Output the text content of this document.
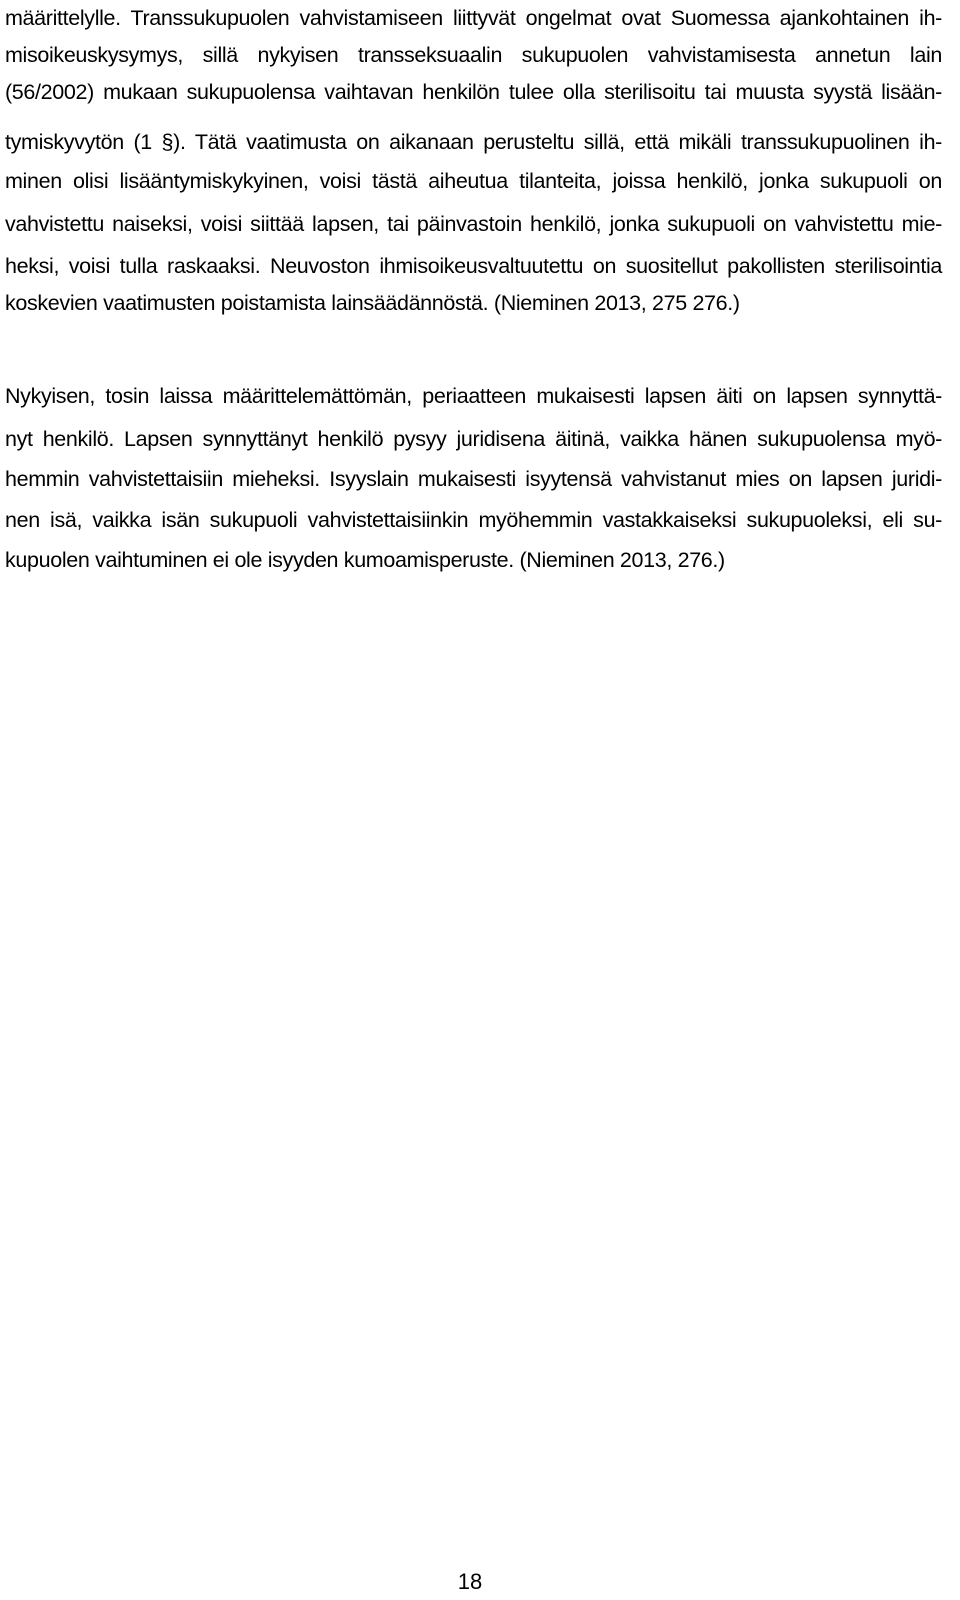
määrittelylle. Transsukupuolen vahvistamiseen liittyvät ongelmat ovat Suomessa ajankohtainen ih-
misoikeuskysymys, sillä nykyisen transseksuaalin sukupuolen vahvistamisesta annetun lain
(56/2002) mukaan sukupuolensa vaihtavan henkilön tulee olla sterilisoitu tai muusta syystä lisään-
tymiskyvytön (1 §). Tätä vaatimusta on aikanaan perusteltu sillä, että mikäli transsukupuolinen ih-
minen olisi lisääntymiskykyinen, voisi tästä aiheutua tilanteita, joissa henkilö, jonka sukupuoli on
vahvistettu naiseksi, voisi siittää lapsen, tai päinvastoin henkilö, jonka sukupuoli on vahvistettu mie-
heksi, voisi tulla raskaaksi. Neuvoston ihmisoikeusvaltuutettu on suositellut pakollisten sterilisointia
koskevien vaatimusten poistamista lainsäädännöstä. (Nieminen 2013, 275 276.)
Nykyisen, tosin laissa määrittelemättömän, periaatteen mukaisesti lapsen äiti on lapsen synnyttä-
nyt henkilö. Lapsen synnyttänyt henkilö pysyy juridisena äitinä, vaikka hänen sukupuolensa myö-
hemmin vahvistettaisiin mieheksi. Isyyslain mukaisesti isyytensä vahvistanut mies on lapsen juridi-
nen isä, vaikka isän sukupuoli vahvistettaisiinkin myöhemmin vastakkaiseksi sukupuoleksi, eli su-
kupuolen vaihtuminen ei ole isyyden kumoamisperuste. (Nieminen 2013, 276.)
18
